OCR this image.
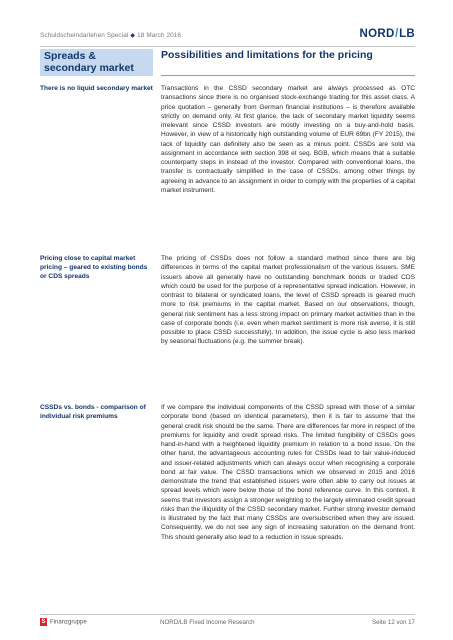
Schuldscheindarlehen Special ◆ 18 March 2016	NORD/LB
Spreads & secondary market
Possibilities and limitations for the pricing
There is no liquid secondary market	Transactions in the CSSD secondary market are always processed as OTC transactions since there is no organised stock-exchange trading for this asset class. A price quotation – generally from German financial institutions – is therefore available strictly on demand only. At first glance, the lack of secondary market liquidity seems irrelevant since CSSD investors are mostly investing on a buy-and-hold basis. However, in view of a historically high outstanding volume of EUR 69bn (FY 2015), the lack of liquidity can definitely also be seen as a minus point. CSSDs are sold via assignment in accordance with section 398 et seq. BGB, which means that a suitable counterparty steps in instead of the investor. Compared with conventional loans, the transfer is contractually simplified in the case of CSSDs, among other things by agreeing in advance to an assignment in order to comply with the properties of a capital market instrument.
Pricing close to capital market pricing – geared to existing bonds or CDS spreads
The pricing of CSSDs does not follow a standard method since there are big differences in terms of the capital market professionalism of the various issuers. SME issuers above all generally have no outstanding benchmark bonds or traded CDS which could be used for the purpose of a representative spread indication. However, in contrast to bilateral or syndicated loans, the level of CSSD spreads is geared much more to risk premiums in the capital market. Based on our observations, though, general risk sentiment has a less strong impact on primary market activities than in the case of corporate bonds (i.e. even when market sentiment is more risk averse, it is still possible to place CSSD successfully). In addition, the issue cycle is also less marked by seasonal fluctuations (e.g. the summer break).
CSSDs vs. bonds - comparison of individual risk premiums
If we compare the individual components of the CSSD spread with those of a similar corporate bond (based on identical parameters), then it is fair to assume that the general credit risk should be the same. There are differences far more in respect of the premiums for liquidity and credit spread risks. The limited fungibility of CSSDs goes hand-in-hand with a heightened liquidity premium in relation to a bond issue. On the other hand, the advantageous accounting rules for CSSDs lead to fair value-induced and issuer-related adjustments which can always occur when recognising a corporate bond at fair value. The CSSD transactions which we observed in 2015 and 2016 demonstrate the trend that established issuers were often able to carry out issues at spread levels which were below those of the bond reference curve. In this context, it seems that investors assign a stronger weighting to the largely eliminated credit spread risks than the illiquidity of the CSSD secondary market. Further strong investor demand is illustrated by the fact that many CSSDs are oversubscribed when they are issued. Consequently, we do not see any sign of increasing saturation on the demand front. This should generally also lead to a reduction in issue spreads.
S Finanzgruppe	NORD/LB Fixed Income Research	Seite 12 von 17
